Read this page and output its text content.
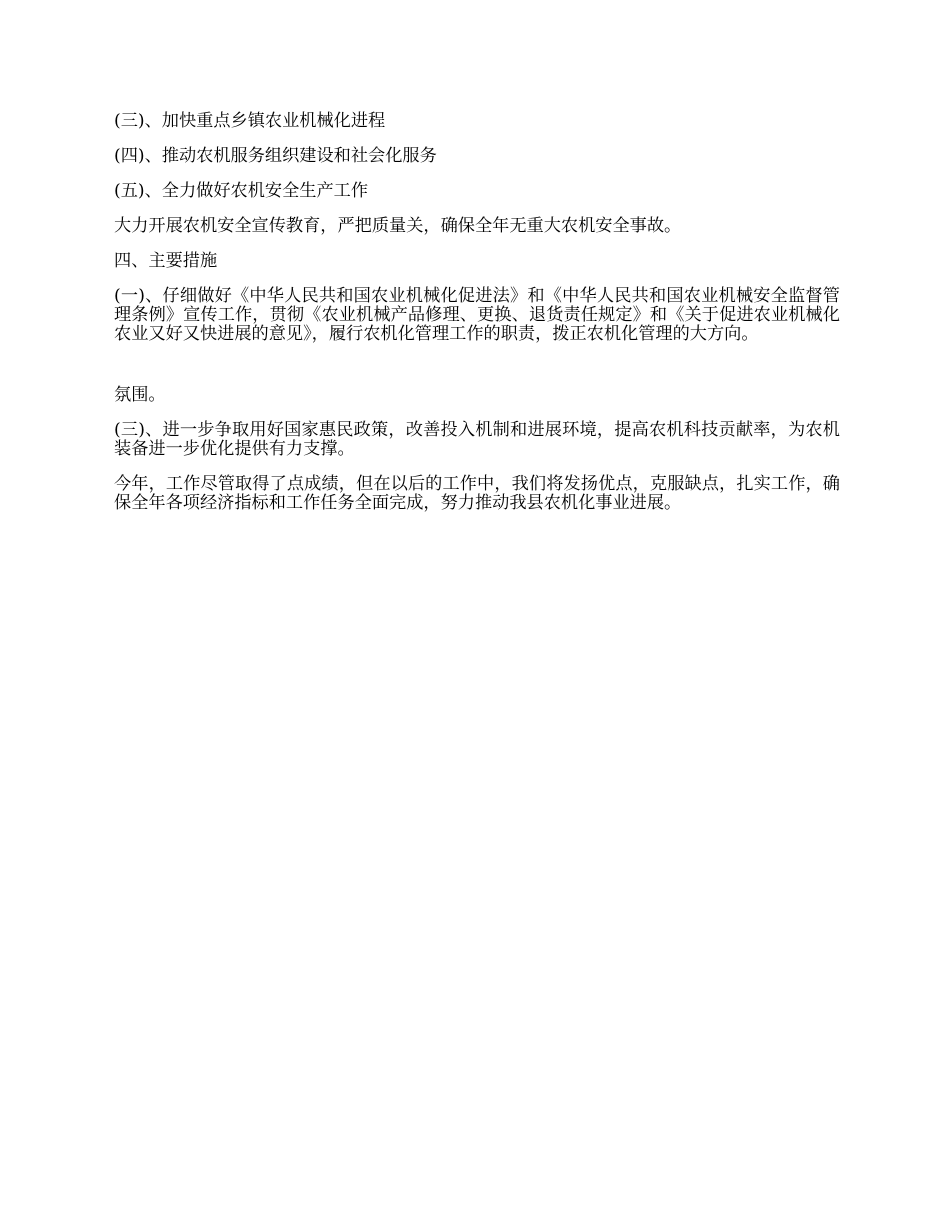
(三)、加快重点乡镇农业机械化进程

(四)、推动农机服务组织建设和社会化服务

(五)、全力做好农机安全生产工作

大力开展农机安全宣传教育，严把质量关，确保全年无重大农机安全事故。

四、主要措施

(一)、仔细做好《中华人民共和国农业机械化促进法》和《中华人民共和国农业机械安全监督管理条例》宣传工作，贯彻《农业机械产品修理、更换、退货责任规定》和《关于促进农业机械化农业又好又快进展的意见》，履行农机化管理工作的职责，拨正农机化管理的大方向。

氛围。

(三)、进一步争取用好国家惠民政策，改善投入机制和进展环境，提高农机科技贡献率，为农机装备进一步优化提供有力支撑。

今年，工作尽管取得了点成绩，但在以后的工作中，我们将发扬优点，克服缺点，扎实工作，确保全年各项经济指标和工作任务全面完成，努力推动我县农机化事业进展。
